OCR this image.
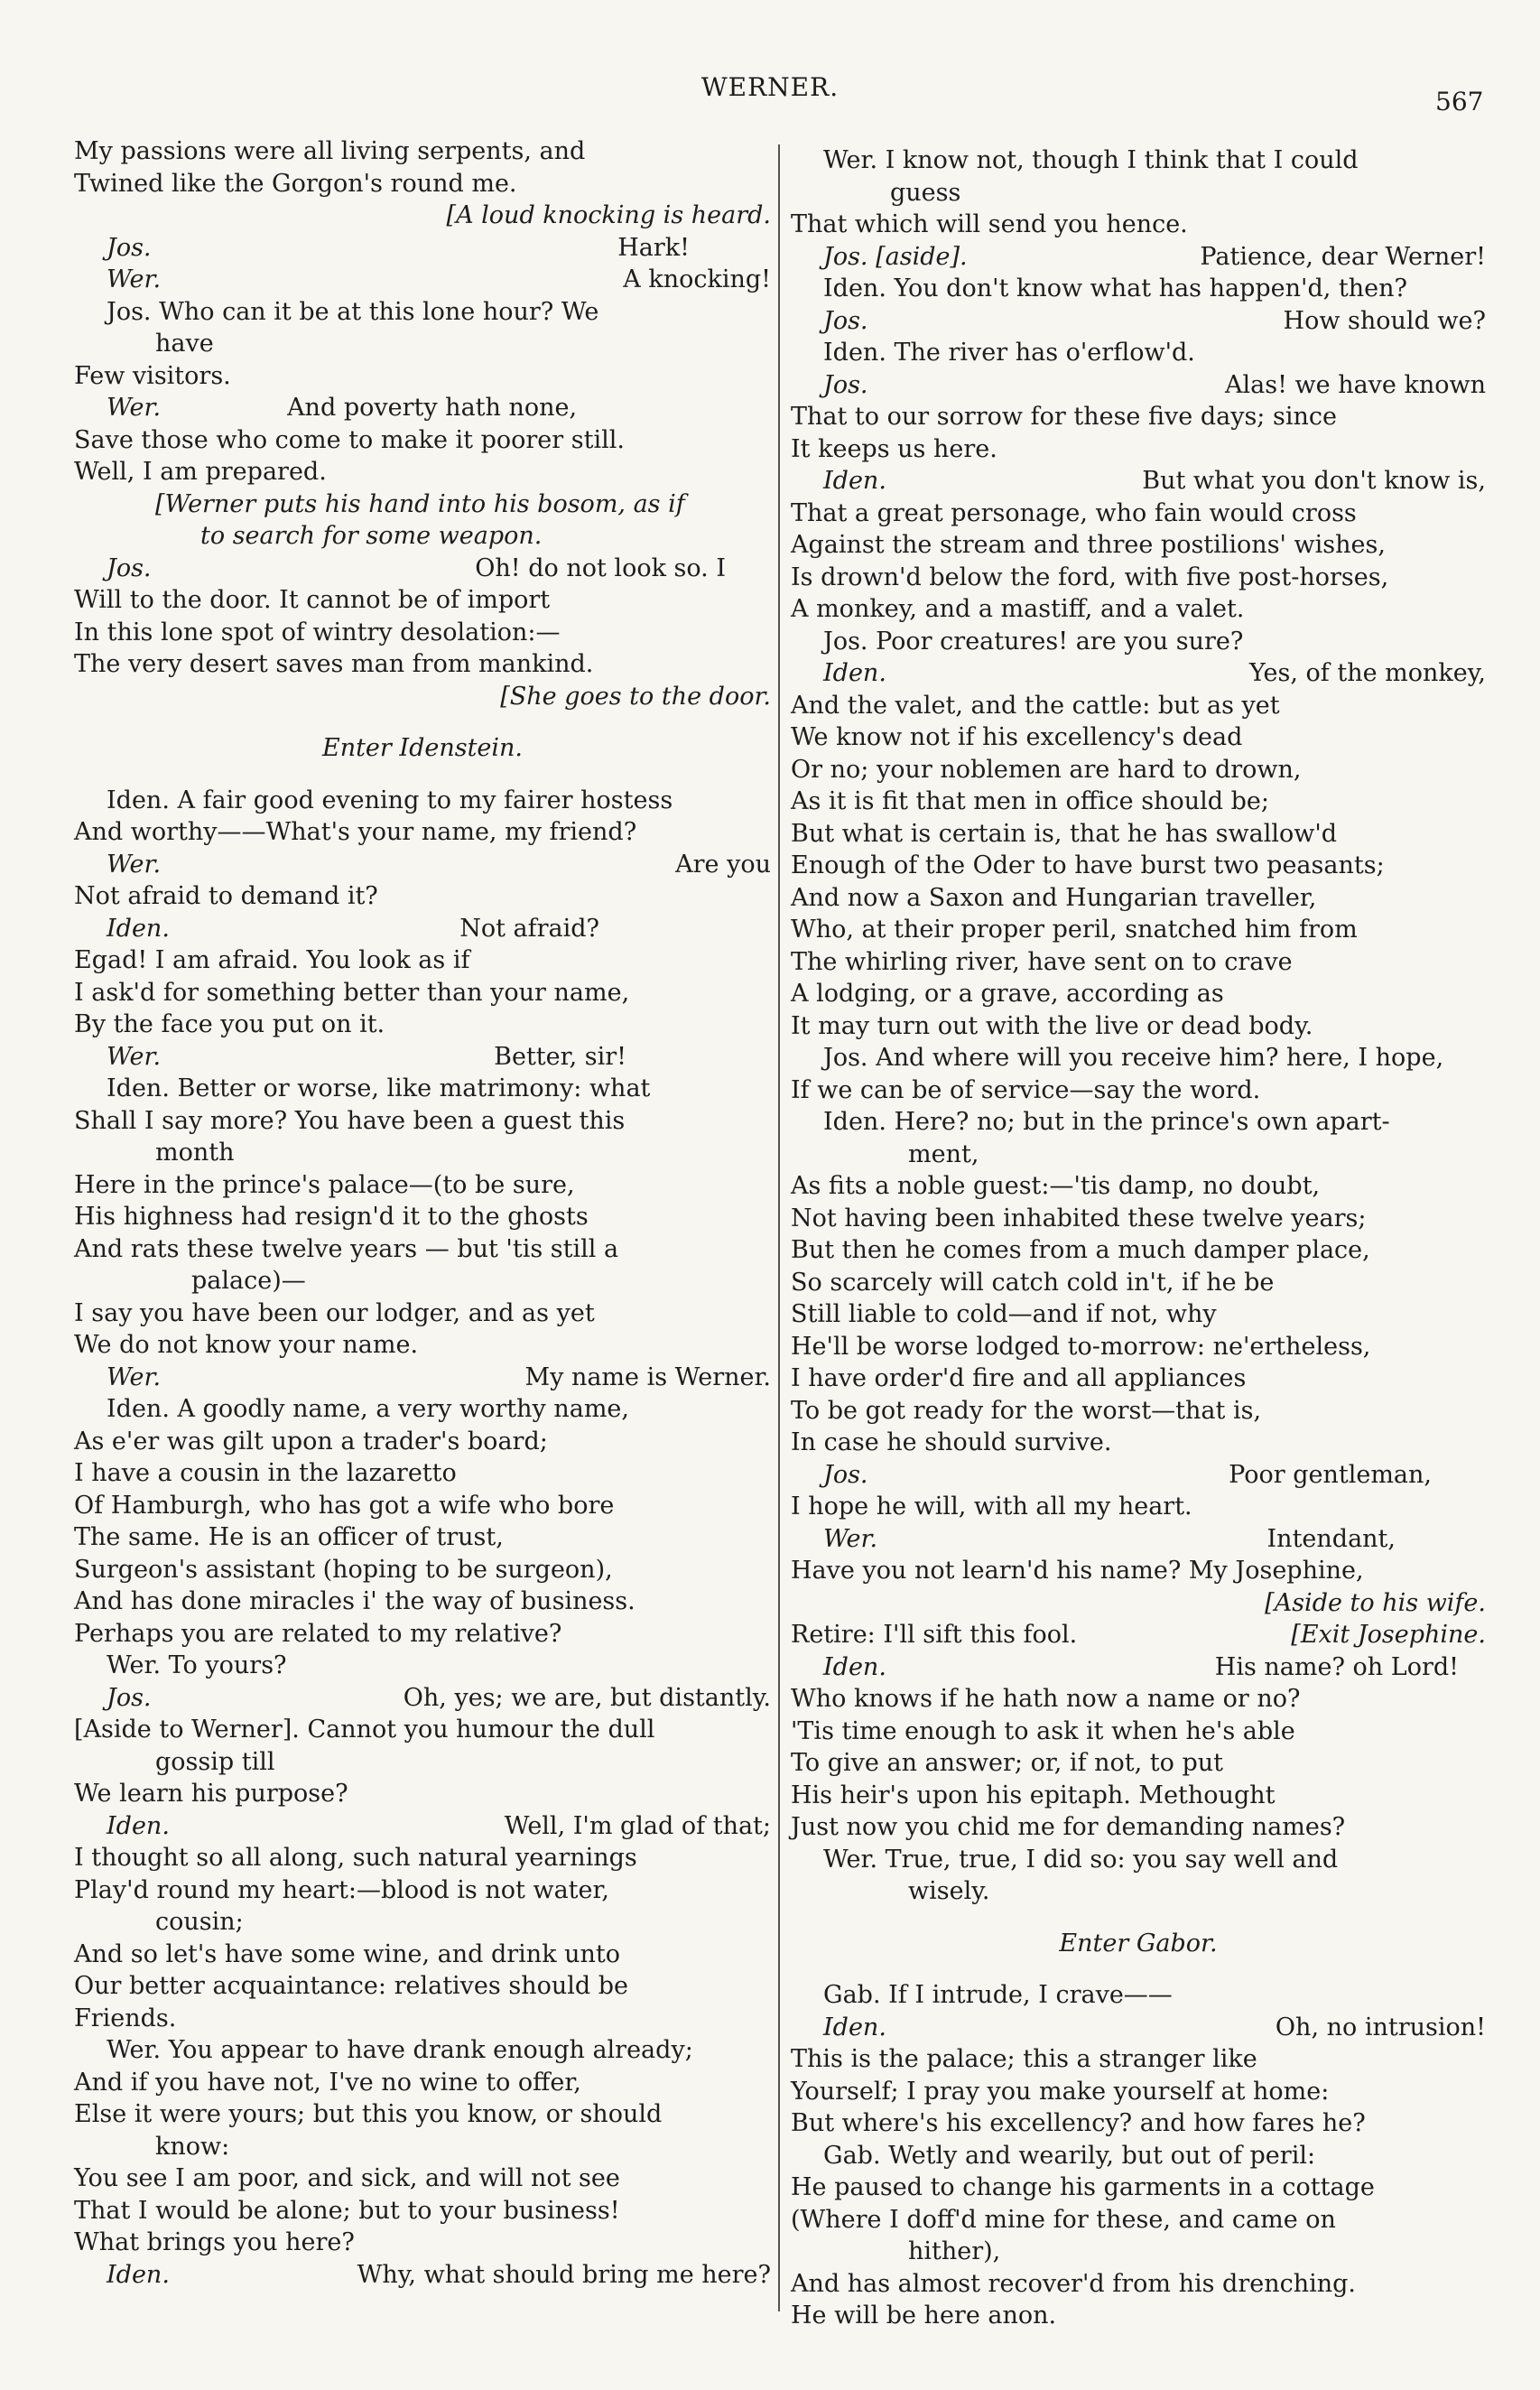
WERNER.	567
My passions were all living serpents, and
Twined like the Gorgon's round me.
[A loud knocking is heard.
Jos.	Hark!
Wer.	A knocking!
Jos. Who can it be at this lone hour? We
have
Few visitors.
Wer.	And poverty hath none,
Save those who come to make it poorer still.
Well, I am prepared.
[Werner puts his hand into his bosom, as if
to search for some weapon.
Jos.	Oh! do not look so. I
Will to the door. It cannot be of import
In this lone spot of wintry desolation:—
The very desert saves man from mankind.
[She goes to the door.
Enter Idenstein.
Iden. A fair good evening to my fairer hostess
And worthy——What's your name, my friend?
Wer.	Are you
Not afraid to demand it?
Iden.	Not afraid?
Egad! I am afraid. You look as if
I ask'd for something better than your name,
By the face you put on it.
Wer.	Better, sir!
Iden. Better or worse, like matrimony: what
Shall I say more? You have been a guest this
month
Here in the prince's palace—(to be sure,
His highness had resign'd it to the ghosts
And rats these twelve years — but 'tis still a
palace)—
I say you have been our lodger, and as yet
We do not know your name.
Wer.	My name is Werner.
Iden. A goodly name, a very worthy name,
As e'er was gilt upon a trader's board;
I have a cousin in the lazaretto
Of Hamburgh, who has got a wife who bore
The same. He is an officer of trust,
Surgeon's assistant (hoping to be surgeon),
And has done miracles i' the way of business.
Perhaps you are related to my relative?
Wer. To yours?
Jos.	Oh, yes; we are, but distantly.
[Aside to Werner]. Cannot you humour the dull
gossip till
We learn his purpose?
Iden.	Well, I'm glad of that;
I thought so all along, such natural yearnings
Play'd round my heart:—blood is not water,
cousin;
And so let's have some wine, and drink unto
Our better acquaintance: relatives should be
Friends.
Wer. You appear to have drank enough already;
And if you have not, I've no wine to offer,
Else it were yours; but this you know, or should
know:
You see I am poor, and sick, and will not see
That I would be alone; but to your business!
What brings you here?
Iden.	Why, what should bring me here?
Wer. I know not, though I think that I could
guess
That which will send you hence.
Jos. [aside].	Patience, dear Werner!
Iden. You don't know what has happen'd, then?
Jos.	How should we?
Iden. The river has o'erflow'd.
Jos.	Alas! we have known
That to our sorrow for these five days; since
It keeps us here.
Iden.	But what you don't know is,
That a great personage, who fain would cross
Against the stream and three postilions' wishes,
Is drown'd below the ford, with five post-horses,
A monkey, and a mastiff, and a valet.
Jos. Poor creatures! are you sure?
Iden.	Yes, of the monkey,
And the valet, and the cattle: but as yet
We know not if his excellency's dead
Or no; your noblemen are hard to drown,
As it is fit that men in office should be;
But what is certain is, that he has swallow'd
Enough of the Oder to have burst two peasants;
And now a Saxon and Hungarian traveller,
Who, at their proper peril, snatched him from
The whirling river, have sent on to crave
A lodging, or a grave, according as
It may turn out with the live or dead body.
Jos. And where will you receive him? here, I hope,
If we can be of service—say the word.
Iden. Here? no; but in the prince's own apart-
ment,
As fits a noble guest:—'tis damp, no doubt,
Not having been inhabited these twelve years;
But then he comes from a much damper place,
So scarcely will catch cold in't, if he be
Still liable to cold—and if not, why
He'll be worse lodged to-morrow: ne'ertheless,
I have order'd fire and all appliances
To be got ready for the worst—that is,
In case he should survive.
Jos.	Poor gentleman,
I hope he will, with all my heart.
Wer.	Intendant,
Have you not learn'd his name? My Josephine,
[Aside to his wife.
Retire: I'll sift this fool.	[Exit Josephine.
Iden.	His name? oh Lord!
Who knows if he hath now a name or no?
'Tis time enough to ask it when he's able
To give an answer; or, if not, to put
His heir's upon his epitaph. Methought
Just now you chid me for demanding names?
Wer. True, true, I did so: you say well and
wisely.
Enter Gabor.
Gab. If I intrude, I crave——
Iden.	Oh, no intrusion!
This is the palace; this a stranger like
Yourself; I pray you make yourself at home:
But where's his excellency? and how fares he?
Gab. Wetly and wearily, but out of peril:
He paused to change his garments in a cottage
(Where I doff'd mine for these, and came on
hither),
And has almost recover'd from his drenching.
He will be here anon.
